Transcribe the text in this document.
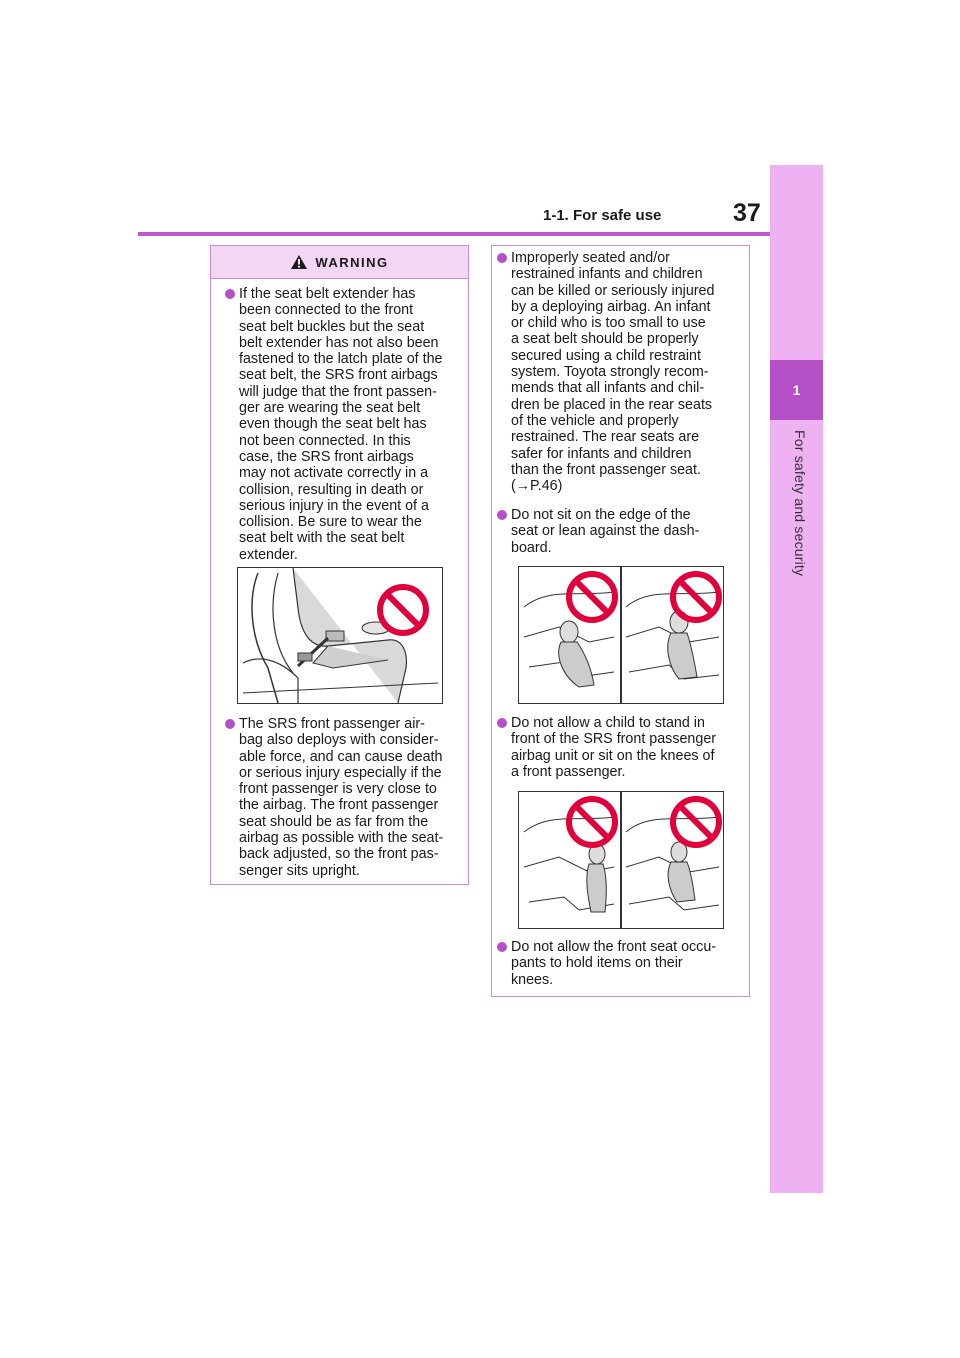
1-1. For safe use	37
1
For safety and security
WARNING
If the seat belt extender has
been connected to the front
seat belt buckles but the seat
belt extender has not also been
fastened to the latch plate of the
seat belt, the SRS front airbags
will judge that the front passen-
ger are wearing the seat belt
even though the seat belt has
not been connected. In this
case, the SRS front airbags
may not activate correctly in a
collision, resulting in death or
serious injury in the event of a
collision. Be sure to wear the
seat belt with the seat belt
extender.
The SRS front passenger air-
bag also deploys with consider-
able force, and can cause death
or serious injury especially if the
front passenger is very close to
the airbag. The front passenger
seat should be as far from the
airbag as possible with the seat-
back adjusted, so the front pas-
senger sits upright.
Improperly seated and/or
restrained infants and children
can be killed or seriously injured
by a deploying airbag. An infant
or child who is too small to use
a seat belt should be properly
secured using a child restraint
system. Toyota strongly recom-
mends that all infants and chil-
dren be placed in the rear seats
of the vehicle and properly
restrained. The rear seats are
safer for infants and children
than the front passenger seat.
(→P.46)
Do not sit on the edge of the
seat or lean against the dash-
board.
Do not allow a child to stand in
front of the SRS front passenger
airbag unit or sit on the knees of
a front passenger.
Do not allow the front seat occu-
pants to hold items on their
knees.
